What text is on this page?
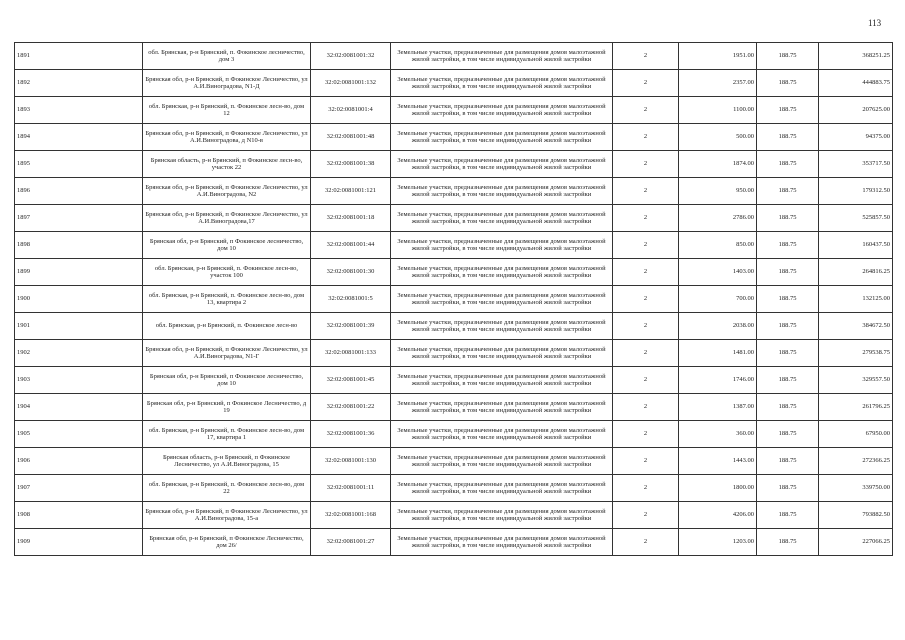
113
1891	обл. Брянская, р-н Брянский, п. Фокинское лесничество, дом 3	32:02:0081001:32	Земельные участки, предназначенные для размещения домов малоэтажной жилой застройки, в том числе индивидуальной жилой застройки	2	1951.00	188.75	368251.25
1892	Брянская обл, р-н Брянский, п Фокинское Лесничество, ул А.И.Виноградова, N1-Д	32:02:0081001:132	Земельные участки, предназначенные для размещения домов малоэтажной жилой застройки, в том числе индивидуальной жилой застройки	2	2357.00	188.75	444883.75
1893	обл. Брянская, р-н Брянский, п. Фокинское лесн-во, дом 12	32:02:0081001:4	Земельные участки, предназначенные для размещения домов малоэтажной жилой застройки, в том числе индивидуальной жилой застройки	2	1100.00	188.75	207625.00
1894	Брянская обл, р-н Брянский, п Фокинское Лесничество, ул А.И.Виноградова, д N10-в	32:02:0081001:48	Земельные участки, предназначенные для размещения домов малоэтажной жилой застройки, в том числе индивидуальной жилой застройки	2	500.00	188.75	94375.00
1895	Брянская область, р-н Брянский, п Фокинское лесн-во, участок 22	32:02:0081001:38	Земельные участки, предназначенные для размещения домов малоэтажной жилой застройки, в том числе индивидуальной жилой застройки	2	1874.00	188.75	353717.50
1896	Брянская обл, р-н Брянский, п Фокинское Лесничество, ул А.И.Виноградова, N2	32:02:0081001:121	Земельные участки, предназначенные для размещения домов малоэтажной жилой застройки, в том числе индивидуальной жилой застройки	2	950.00	188.75	179312.50
1897	Брянская обл, р-н Брянский, п Фокинское Лесничество, ул А.И.Виноградова,17	32:02:0081001:18	Земельные участки, предназначенные для размещения домов малоэтажной жилой застройки, в том числе индивидуальной жилой застройки	2	2786.00	188.75	525857.50
1898	Брянская обл, р-н Брянский, п Фокинское лесничество, дом 10	32:02:0081001:44	Земельные участки, предназначенные для размещения домов малоэтажной жилой застройки, в том числе индивидуальной жилой застройки	2	850.00	188.75	160437.50
1899	обл. Брянская, р-н Брянский, п. Фокинское лесн-во, участок 100	32:02:0081001:30	Земельные участки, предназначенные для размещения домов малоэтажной жилой застройки, в том числе индивидуальной жилой застройки	2	1403.00	188.75	264816.25
1900	обл. Брянская, р-н Брянский, п. Фокинское лесн-во, дом 13, квартира 2	32:02:0081001:5	Земельные участки, предназначенные для размещения домов малоэтажной жилой застройки, в том числе индивидуальной жилой застройки	2	700.00	188.75	132125.00
1901	обл. Брянская, р-н Брянский, п. Фокинское лесн-во	32:02:0081001:39	Земельные участки, предназначенные для размещения домов малоэтажной жилой застройки, в том числе индивидуальной жилой застройки	2	2038.00	188.75	384672.50
1902	Брянская обл, р-н Брянский, п Фокинское Лесничество, ул А.И.Виноградова, N1-Г	32:02:0081001:133	Земельные участки, предназначенные для размещения домов малоэтажной жилой застройки, в том числе индивидуальной жилой застройки	2	1481.00	188.75	279538.75
1903	Брянская обл, р-н Брянский, п Фокинское лесничество, дом 10	32:02:0081001:45	Земельные участки, предназначенные для размещения домов малоэтажной жилой застройки, в том числе индивидуальной жилой застройки	2	1746.00	188.75	329557.50
1904	Брянская обл, р-н Брянский, п Фокинское Лесничество, д 19	32:02:0081001:22	Земельные участки, предназначенные для размещения домов малоэтажной жилой застройки, в том числе индивидуальной жилой застройки	2	1387.00	188.75	261796.25
1905	обл. Брянская, р-н Брянский, п. Фокинское лесн-во, дом 17, квартира 1	32:02:0081001:36	Земельные участки, предназначенные для размещения домов малоэтажной жилой застройки, в том числе индивидуальной жилой застройки	2	360.00	188.75	67950.00
1906	Брянская область, р-н Брянский, п Фокинское Лесничество, ул А.И.Виноградова, 15	32:02:0081001:130	Земельные участки, предназначенные для размещения домов малоэтажной жилой застройки, в том числе индивидуальной жилой застройки	2	1443.00	188.75	272366.25
1907	обл. Брянская, р-н Брянский, п. Фокинское лесн-во, дом 22	32:02:0081001:11	Земельные участки, предназначенные для размещения домов малоэтажной жилой застройки, в том числе индивидуальной жилой застройки	2	1800.00	188.75	339750.00
1908	Брянская обл, р-н Брянский, п Фокинское Лесничество, ул А.И.Виноградова, 15-а	32:02:0081001:168	Земельные участки, предназначенные для размещения домов малоэтажной жилой застройки, в том числе индивидуальной жилой застройки	2	4206.00	188.75	793882.50
1909	Брянская обл, р-н Брянский, п Фокинское Лесничество, дом 26/	32:02:0081001:27	Земельные участки, предназначенные для размещения домов малоэтажной жилой застройки, в том числе индивидуальной жилой застройки	2	1203.00	188.75	227066.25
